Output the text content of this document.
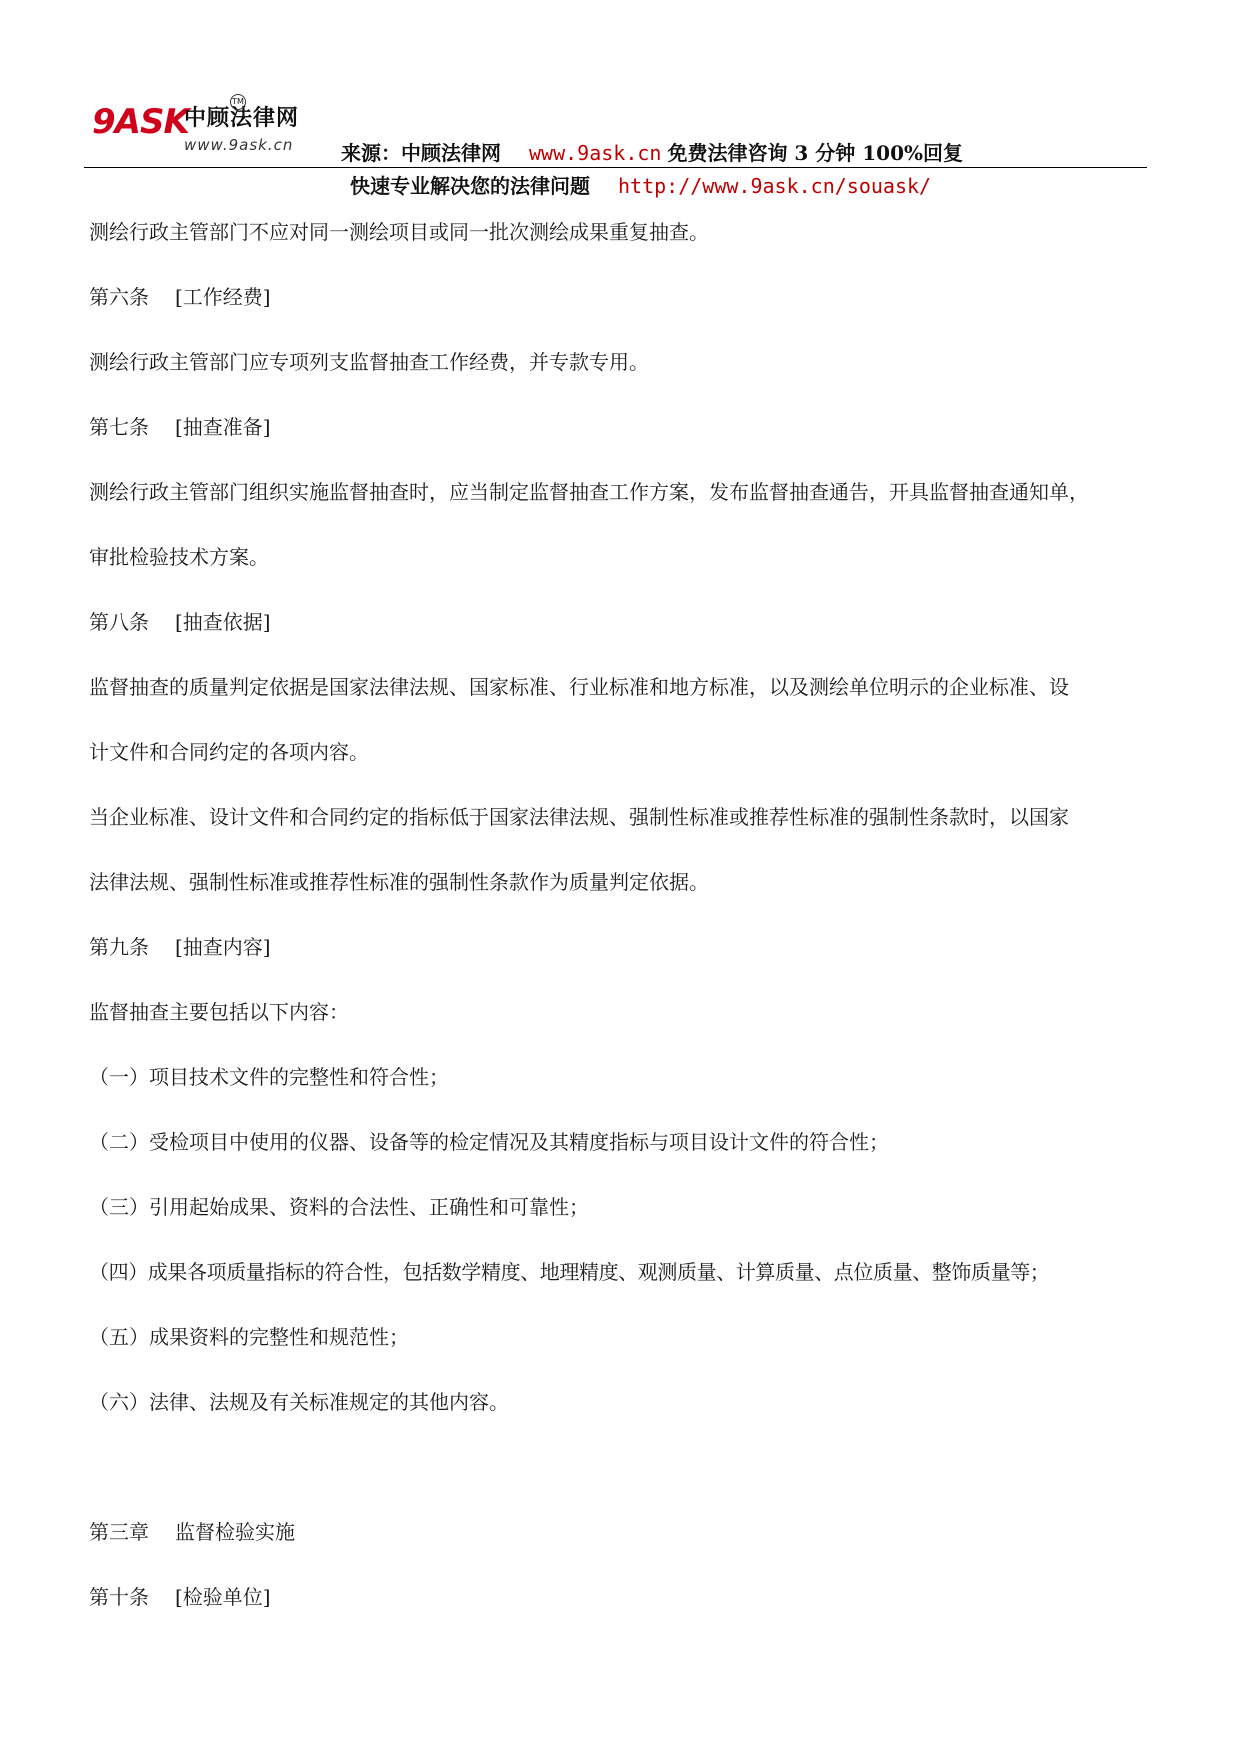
9ASK
中顾法律网
TM
www.9ask.cn 来源：中顾法律网 www.9ask.cn 免费法律咨询 3 分钟 100%回复
快速专业解决您的法律问题 http://www.9ask.cn/souask/

测绘行政主管部门不应对同一测绘项目或同一批次测绘成果重复抽查。

第六条 [工作经费]

测绘行政主管部门应专项列支监督抽查工作经费，并专款专用。

第七条 [抽查准备]

测绘行政主管部门组织实施监督抽查时，应当制定监督抽查工作方案，发布监督抽查通告，开具监督抽查通知单，

审批检验技术方案。

第八条 [抽查依据]

监督抽查的质量判定依据是国家法律法规、国家标准、行业标准和地方标准，以及测绘单位明示的企业标准、设

计文件和合同约定的各项内容。

当企业标准、设计文件和合同约定的指标低于国家法律法规、强制性标准或推荐性标准的强制性条款时，以国家

法律法规、强制性标准或推荐性标准的强制性条款作为质量判定依据。

第九条 [抽查内容]

监督抽查主要包括以下内容：

（一）项目技术文件的完整性和符合性；

（二）受检项目中使用的仪器、设备等的检定情况及其精度指标与项目设计文件的符合性；

（三）引用起始成果、资料的合法性、正确性和可靠性；

（四）成果各项质量指标的符合性，包括数学精度、地理精度、观测质量、计算质量、点位质量、整饰质量等；

（五）成果资料的完整性和规范性；

（六）法律、法规及有关标准规定的其他内容。

第三章 监督检验实施

第十条 [检验单位]
